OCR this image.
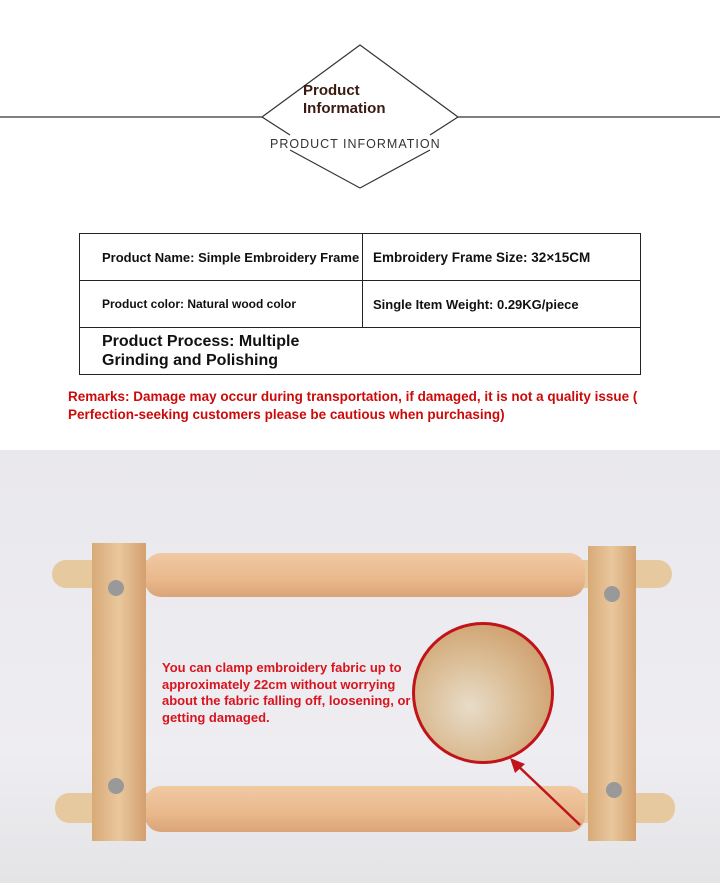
Product Information
PRODUCT INFORMATION
Product Name: Simple Embroidery Frame	Embroidery Frame Size: 32×15CM
Product color: Natural wood color	Single Item Weight: 0.29KG/piece

Product Process: Multiple Grinding and Polishing	
Remarks: Damage may occur during transportation, if damaged, it is not a quality issue ( Perfection-seeking customers please be cautious when purchasing)
You can clamp embroidery fabric up to approximately 22cm without worrying about the fabric falling off, loosening, or getting damaged.
